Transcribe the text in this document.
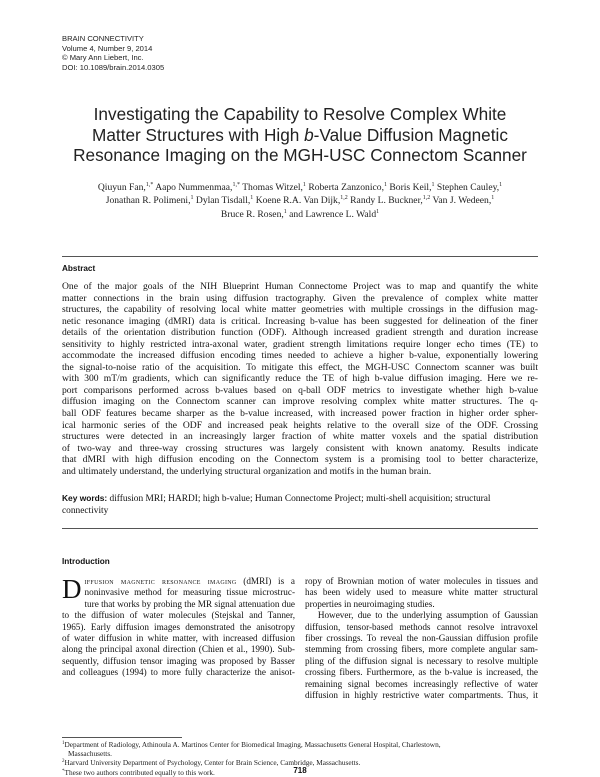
BRAIN CONNECTIVITY
Volume 4, Number 9, 2014
© Mary Ann Liebert, Inc.
DOI: 10.1089/brain.2014.0305
Investigating the Capability to Resolve Complex White
Matter Structures with High b-Value Diffusion Magnetic
Resonance Imaging on the MGH-USC Connectom Scanner
Qiuyun Fan,$^{1,*}$ Aapo Nummenmaa,$^{1,*}$ Thomas Witzel,$^1$ Roberta Zanzonico,$^1$ Boris Keil,$^1$ Stephen Cauley,$^1$
Jonathan R. Polimeni,$^1$ Dylan Tisdall,$^1$ Koene R.A. Van Dijk,$^{1,2}$ Randy L. Buckner,$^{1,2}$ Van J. Wedeen,$^1$
Bruce R. Rosen,$^1$ and Lawrence L. Wald$^1$
Abstract
One of the major goals of the NIH Blueprint Human Connectome Project was to map and quantify the white
matter connections in the brain using diffusion tractography. Given the prevalence of complex white matter
structures, the capability of resolving local white matter geometries with multiple crossings in the diffusion mag-
netic resonance imaging (dMRI) data is critical. Increasing b-value has been suggested for delineation of the finer
details of the orientation distribution function (ODF). Although increased gradient strength and duration increase
sensitivity to highly restricted intra-axonal water, gradient strength limitations require longer echo times (TE) to
accommodate the increased diffusion encoding times needed to achieve a higher b-value, exponentially lowering
the signal-to-noise ratio of the acquisition. To mitigate this effect, the MGH-USC Connectom scanner was built
with 300 mT/m gradients, which can significantly reduce the TE of high b-value diffusion imaging. Here we re-
port comparisons performed across b-values based on q-ball ODF metrics to investigate whether high b-value
diffusion imaging on the Connectom scanner can improve resolving complex white matter structures. The q-
ball ODF features became sharper as the b-value increased, with increased power fraction in higher order spher-
ical harmonic series of the ODF and increased peak heights relative to the overall size of the ODF. Crossing
structures were detected in an increasingly larger fraction of white matter voxels and the spatial distribution
of two-way and three-way crossing structures was largely consistent with known anatomy. Results indicate
that dMRI with high diffusion encoding on the Connectom system is a promising tool to better characterize,
and ultimately understand, the underlying structural organization and motifs in the human brain.
Key words: diffusion MRI; HARDI; high b-value; Human Connectome Project; multi-shell acquisition; structural
connectivity
Introduction
D iffusion magnetic resonance imaging (dMRI) is a
noninvasive method for measuring tissue microstruc-
ture that works by probing the MR signal attenuation due
to the diffusion of water molecules (Stejskal and Tanner,
1965). Early diffusion images demonstrated the anisotropy
of water diffusion in white matter, with increased diffusion
along the principal axonal direction (Chien et al., 1990). Sub-
sequently, diffusion tensor imaging was proposed by Basser
and colleagues (1994) to more fully characterize the anisot-
ropy of Brownian motion of water molecules in tissues and
has been widely used to measure white matter structural
properties in neuroimaging studies.
However, due to the underlying assumption of Gaussian
diffusion, tensor-based methods cannot resolve intravoxel
fiber crossings. To reveal the non-Gaussian diffusion profile
stemming from crossing fibers, more complete angular sam-
pling of the diffusion signal is necessary to resolve multiple
crossing fibers. Furthermore, as the b-value is increased, the
remaining signal becomes increasingly reflective of water
diffusion in highly restrictive water compartments. Thus, it
$^1$Department of Radiology, Athinoula A. Martinos Center for Biomedical Imaging, Massachusetts General Hospital, Charlestown,
Massachusetts.
$^2$Harvard University Department of Psychology, Center for Brain Science, Cambridge, Massachusetts.
*These two authors contributed equally to this work.	718
